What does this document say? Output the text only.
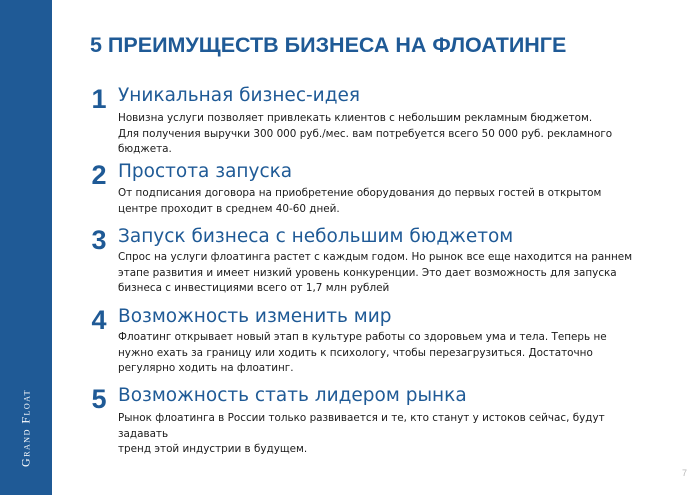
Grand Float
5 ПРЕИМУЩЕСТВ БИЗНЕСА НА ФЛОАТИНГЕ
1 Уникальная бизнес-идея

Новизна услуги позволяет привлекать клиентов с небольшим рекламным бюджетом.
Для получения выручки 300 000 руб./мес. вам потребуется всего 50 000 руб. рекламного
бюджета.

2 Простота запуска

От подписания договора на приобретение оборудования до первых гостей в открытом
центре проходит в среднем 40-60 дней.

3 Запуск бизнеса с небольшим бюджетом

Спрос на услуги флоатинга растет с каждым годом. Но рынок все еще находится на раннем
этапе развития и имеет низкий уровень конкуренции. Это дает возможность для запуска
бизнеса с инвестициями всего от 1,7 млн рублей

4 Возможность изменить мир

Флоатинг открывает новый этап в культуре работы со здоровьем ума и тела. Теперь не
нужно ехать за границу или ходить к психологу, чтобы перезагрузиться. Достаточно
регулярно ходить на флоатинг.

5 Возможность стать лидером рынка

Рынок флоатинга в России только развивается и те, кто станут у истоков сейчас, будут задавать
тренд этой индустрии в будущем.

7
